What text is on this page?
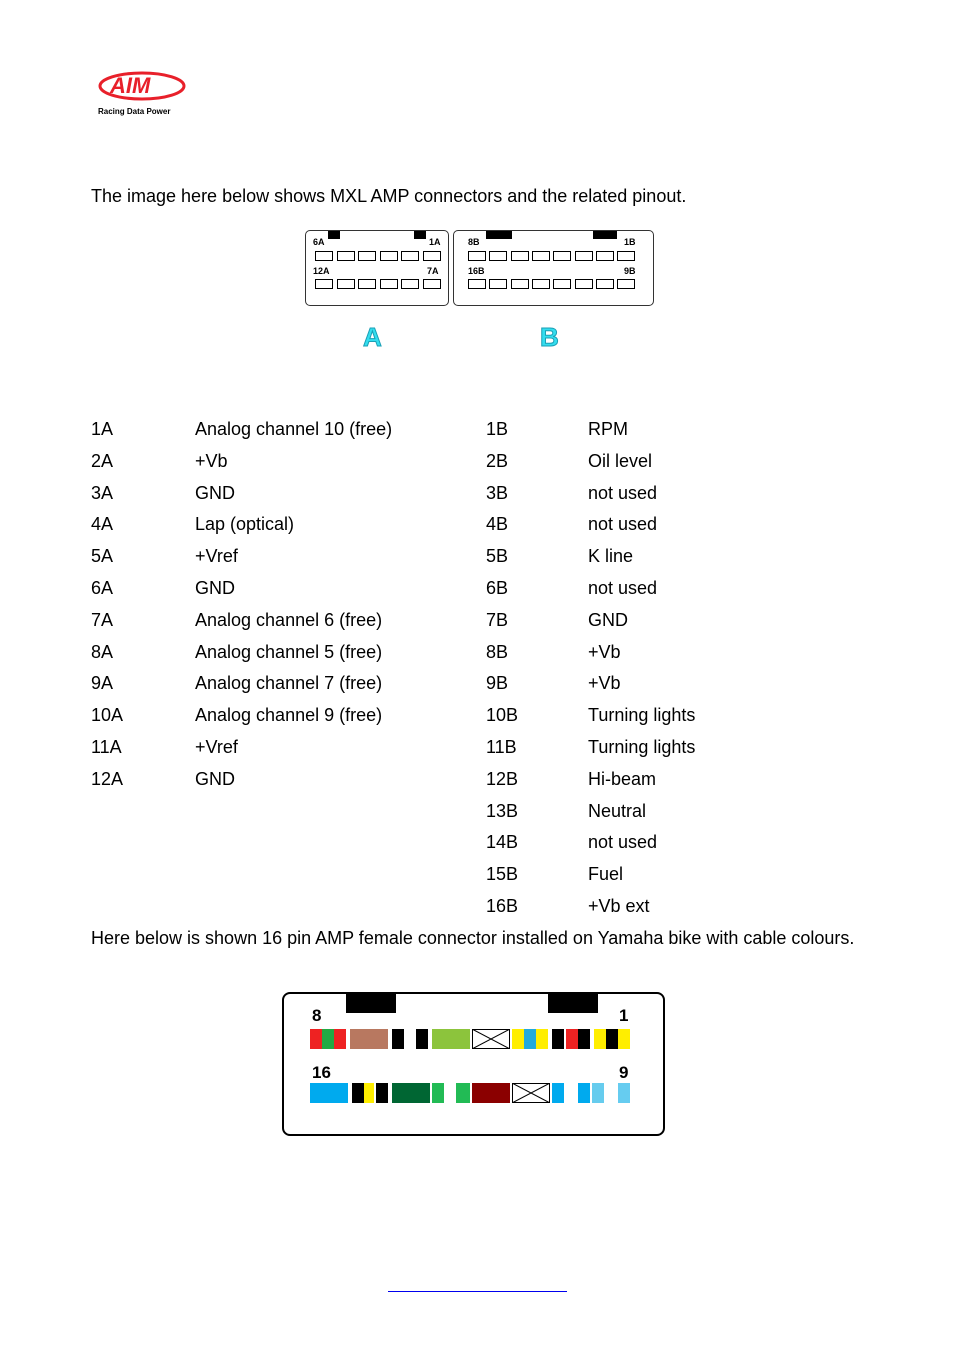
AIM
Racing Data Power
The image here below shows MXL AMP connectors and the related pinout.
6A	1A
12A	7A
A
8B	1B
16B	9B
B
1A	Analog channel 10 (free)
2A	+Vb
3A	GND
4A	Lap (optical)
5A	+Vref
6A	GND
7A	Analog channel 6 (free)
8A	Analog channel 5 (free)
9A	Analog channel 7 (free)
10A	Analog channel 9 (free)
11A	+Vref
12A	GND
1B	RPM
2B	Oil level
3B	not used
4B	not used
5B	K line
6B	not used
7B	GND
8B	+Vb
9B	+Vb
10B	Turning lights
11B	Turning lights
12B	Hi-beam
13B	Neutral
14B	not used
15B	Fuel
16B	+Vb ext
Here below is shown 16 pin AMP female connector installed on Yamaha bike with cable colours.
8	1
16	9
